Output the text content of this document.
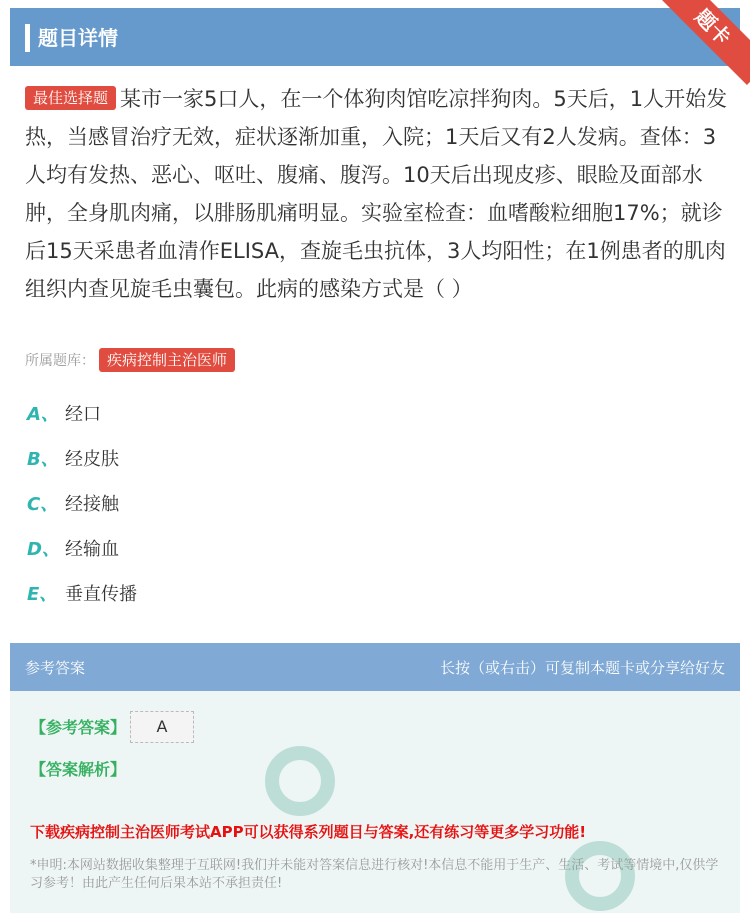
题目详情	题卡
最佳选择题 某市一家5口人，在一个体狗肉馆吃凉拌狗肉。5天后，1人开始发热，当感冒治疗无效，症状逐渐加重，入院；1天后又有2人发病。查体：3人均有发热、恶心、呕吐、腹痛、腹泻。10天后出现皮疹、眼睑及面部水肿，全身肌肉痛，以腓肠肌痛明显。实验室检查：血嗜酸粒细胞17%；就诊后15天采患者血清作ELISA，查旋毛虫抗体，3人均阳性；在1例患者的肌肉组织内查见旋毛虫囊包。此病的感染方式是（ ）
所属题库： 疾病控制主治医师
A、 经口
B、 经皮肤
C、 经接触
D、 经输血
E、 垂直传播
参考答案	长按（或右击）可复制本题卡或分享给好友
【参考答案】	A
【答案解析】
下载疾病控制主治医师考试APP可以获得系列题目与答案,还有练习等更多学习功能!
*申明:本网站数据收集整理于互联网!我们并未能对答案信息进行核对!本信息不能用于生产、生活、考试等情境中,仅供学习参考！由此产生任何后果本站不承担责任!
